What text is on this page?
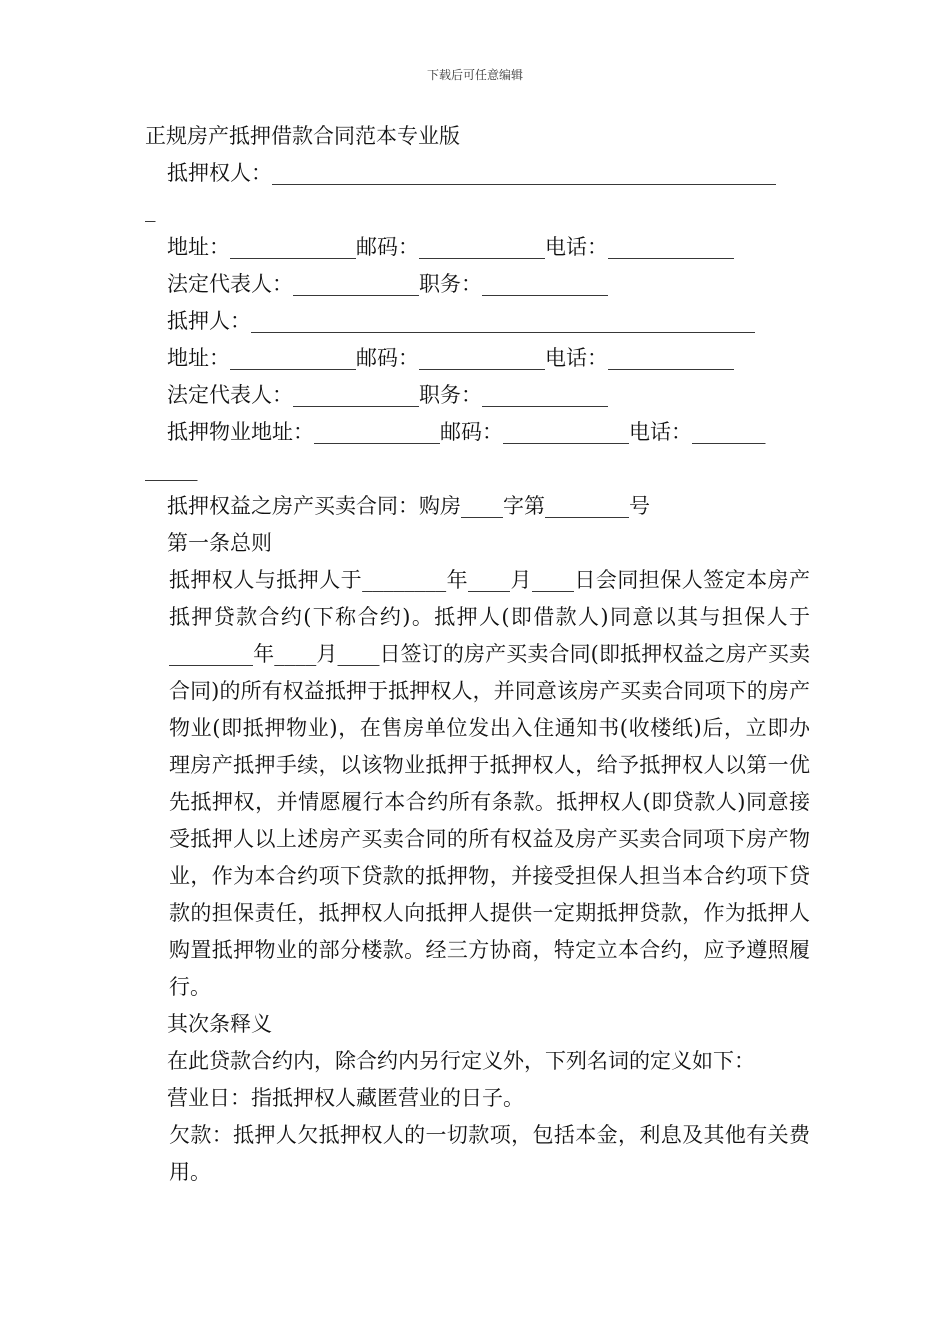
下载后可任意编辑
正规房产抵押借款合同范本专业版
抵押权人：________________________________________________
_
地址：____________邮码：____________电话：____________
法定代表人：____________职务：____________
抵押人：________________________________________________
地址：____________邮码：____________电话：____________
法定代表人：____________职务：____________
抵押物业地址：____________邮码：____________电话：_______
_____
抵押权益之房产买卖合同：购房____字第________号
第一条总则
抵押权人与抵押人于________年____月____日会同担保人签定本房产抵押贷款合约(下称合约)。抵押人(即借款人)同意以其与担保人于________年____月____日签订的房产买卖合同(即抵押权益之房产买卖合同)的所有权益抵押于抵押权人，并同意该房产买卖合同项下的房产物业(即抵押物业)，在售房单位发出入住通知书(收楼纸)后，立即办理房产抵押手续，以该物业抵押于抵押权人，给予抵押权人以第一优先抵押权，并情愿履行本合约所有条款。抵押权人(即贷款人)同意接受抵押人以上述房产买卖合同的所有权益及房产买卖合同项下房产物业，作为本合约项下贷款的抵押物，并接受担保人担当本合约项下贷款的担保责任，抵押权人向抵押人提供一定期抵押贷款，作为抵押人购置抵押物业的部分楼款。经三方协商，特定立本合约，应予遵照履行。
其次条释义
在此贷款合约内，除合约内另行定义外，下列名词的定义如下：
营业日：指抵押权人藏匿营业的日子。
欠款：抵押人欠抵押权人的一切款项，包括本金，利息及其他有关费用。
